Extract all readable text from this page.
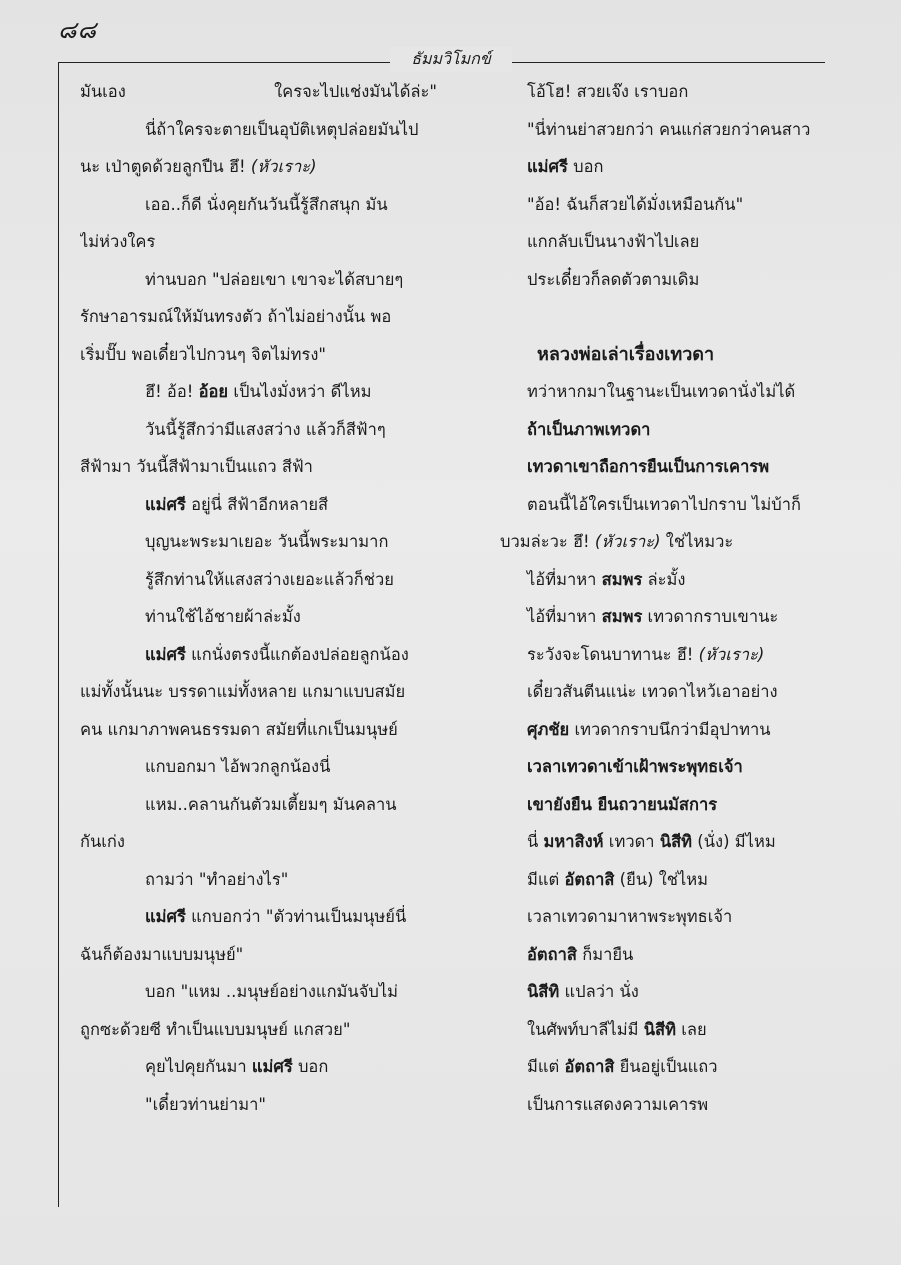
๘๘
ธัมมวิโมกข์
มันเอง ใครจะไปแช่งมันได้ล่ะ"
นี่ถ้าใครจะตายเป็นอุบัติเหตุปล่อยมันไป
นะ เป่าตูดด้วยลูกปืน ฮึ! (หัวเราะ)
เออ..ก็ดี นั่งคุยกันวันนี้รู้สึกสนุก มัน
ไม่ห่วงใคร
ท่านบอก "ปล่อยเขา เขาจะได้สบายๆ
รักษาอารมณ์ให้มันทรงตัว ถ้าไม่อย่างนั้น พอ
เริ่มปั๊บ พอเดี๋ยวไปกวนๆ จิตไม่ทรง"
ฮึ! อ้อ! อ้อย เป็นไงมั่งหว่า ดีไหม
วันนี้รู้สึกว่ามีแสงสว่าง แล้วก็สีฟ้าๆ
สีฟ้ามา วันนี้สีฟ้ามาเป็นแถว สีฟ้า
แม่ศรี อยู่นี่ สีฟ้าอีกหลายสี
บุญนะพระมาเยอะ วันนี้พระมามาก
รู้สึกท่านให้แสงสว่างเยอะแล้วก็ช่วย
ท่านใช้ไอ้ชายผ้าล่ะมั้ง
แม่ศรี แกนั่งตรงนี้แกต้องปล่อยลูกน้อง
แม่ทั้งนั้นนะ บรรดาแม่ทั้งหลาย แกมาแบบสมัย
คน แกมาภาพคนธรรมดา สมัยที่แกเป็นมนุษย์
แกบอกมา ไอ้พวกลูกน้องนี่
แหม..คลานกันตัวมเตี้ยมๆ มันคลาน
กันเก่ง
ถามว่า "ทำอย่างไร"
แม่ศรี แกบอกว่า "ตัวท่านเป็นมนุษย์นี่
ฉันก็ต้องมาแบบมนุษย์"
บอก "แหม ..มนุษย์อย่างแกมันจับไม่
ถูกซะด้วยซี ทำเป็นแบบมนุษย์ แกสวย"
คุยไปคุยกันมา แม่ศรี บอก
"เดี๋ยวท่านย่ามา"
โอ้โฮ! สวยเจ๊ง เราบอก
"นี่ท่านย่าสวยกว่า คนแก่สวยกว่าคนสาว
แม่ศรี บอก
"อ้อ! ฉันก็สวยได้มั่งเหมือนกัน"
แกกลับเป็นนางฟ้าไปเลย
ประเดี๋ยวก็ลดตัวตามเดิม
หลวงพ่อเล่าเรื่องเทวดา
ทว่าหากมาในฐานะเป็นเทวดานั่งไม่ได้
ถ้าเป็นภาพเทวดา
เทวดาเขาถือการยืนเป็นการเคารพ
ตอนนี้ไอ้ใครเป็นเทวดาไปกราบ ไม่บ้าก็
บวมล่ะวะ ฮึ! (หัวเราะ) ใช่ไหมวะ
ไอ้ที่มาหา สมพร ล่ะมั้ง
ไอ้ที่มาหา สมพร เทวดากราบเขานะ
ระวังจะโดนบาทานะ ฮึ! (หัวเราะ)
เดี๋ยวสันตีนแน่ะ เทวดาไหว้เอาอย่าง
ศุภชัย เทวดากราบนึกว่ามีอุปาทาน
เวลาเทวดาเข้าเฝ้าพระพุทธเจ้า
เขายังยืน ยืนถวายนมัสการ
นี่ มหาสิงห์ เทวดา นิสีทิ (นั่ง) มีไหม
มีแต่ อัตถาสิ (ยืน) ใช่ไหม
เวลาเทวดามาหาพระพุทธเจ้า
อัตถาสิ ก็มายืน
นิสีทิ แปลว่า นั่ง
ในศัพท์บาลีไม่มี นิสีทิ เลย
มีแต่ อัตถาสิ ยืนอยู่เป็นแถว
เป็นการแสดงความเคารพ
